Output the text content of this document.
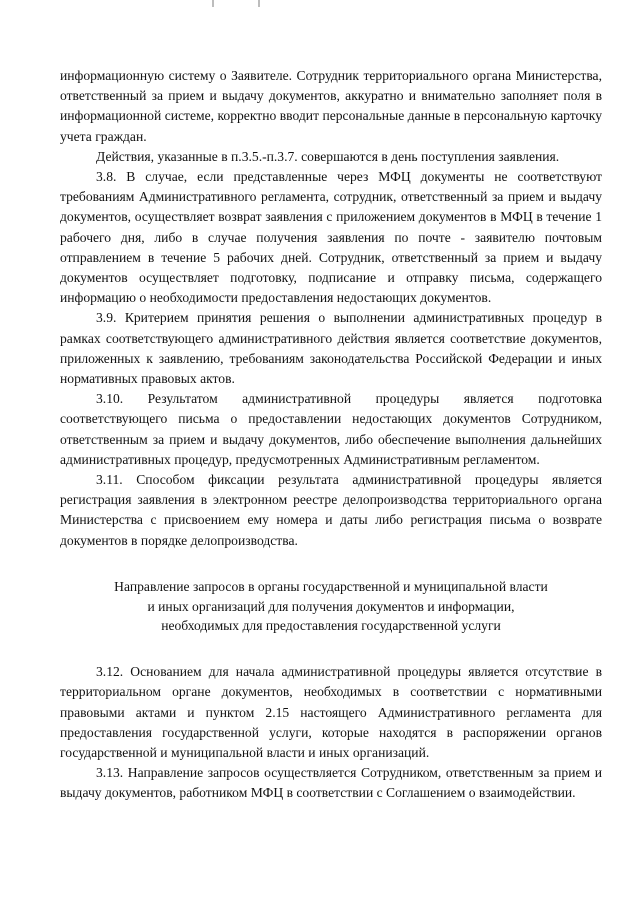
информационную систему о Заявителе. Сотрудник территориального органа Министерства, ответственный за прием и выдачу документов, аккуратно и внимательно заполняет поля в информационной системе, корректно вводит персональные данные в персональную карточку учета граждан.

Действия, указанные в п.3.5.-п.3.7. совершаются в день поступления заявления.

3.8. В случае, если представленные через МФЦ документы не соответствуют требованиям Административного регламента, сотрудник, ответственный за прием и выдачу документов, осуществляет возврат заявления с приложением документов в МФЦ в течение 1 рабочего дня, либо в случае получения заявления по почте - заявителю почтовым отправлением в течение 5 рабочих дней. Сотрудник, ответственный за прием и выдачу документов осуществляет подготовку, подписание и отправку письма, содержащего информацию о необходимости предоставления недостающих документов.

3.9. Критерием принятия решения о выполнении административных процедур в рамках соответствующего административного действия является соответствие документов, приложенных к заявлению, требованиям законодательства Российской Федерации и иных нормативных правовых актов.

3.10. Результатом административной процедуры является подготовка соответствующего письма о предоставлении недостающих документов Сотрудником, ответственным за прием и выдачу документов, либо обеспечение выполнения дальнейших административных процедур, предусмотренных Административным регламентом.

3.11. Способом фиксации результата административной процедуры является регистрация заявления в электронном реестре делопроизводства территориального органа Министерства с присвоением ему номера и даты либо регистрация письма о возврате документов в порядке делопроизводства.

Направление запросов в органы государственной и муниципальной власти
и иных организаций для получения документов и информации,
необходимых для предоставления государственной услуги

3.12. Основанием для начала административной процедуры является отсутствие в территориальном органе документов, необходимых в соответствии с нормативными правовыми актами и пунктом 2.15 настоящего Административного регламента для предоставления государственной услуги, которые находятся в распоряжении органов государственной и муниципальной власти и иных организаций.

3.13. Направление запросов осуществляется Сотрудником, ответственным за прием и выдачу документов, работником МФЦ в соответствии с Соглашением о взаимодействии.
